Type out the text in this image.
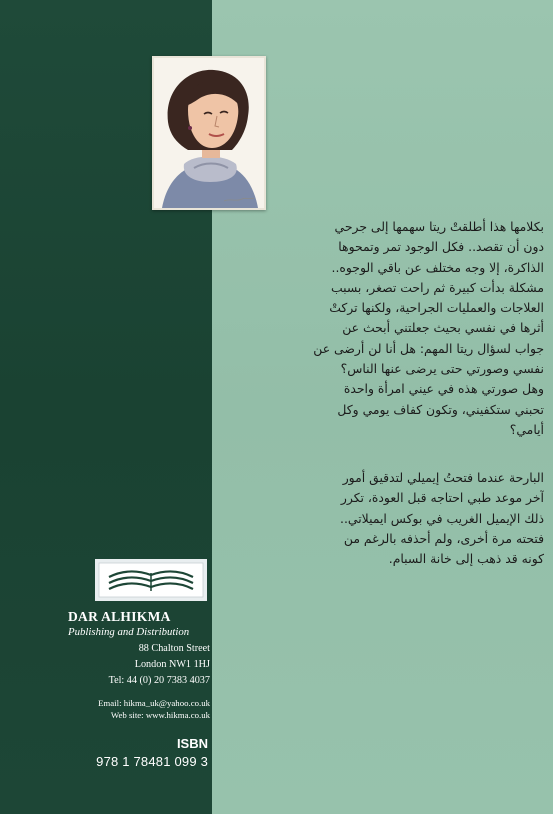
بكلامها هذا أطلقتْ ريتا سهمها إلى جرحي
دون أن تقصد.. فكل الوجود تمر وتمحوها
الذاكرة، إلا وجه مختلف عن باقي الوجوه..
مشكلة بدأت كبيرة ثم راحت تصغر، بسبب
العلاجات والعمليات الجراحية، ولكنها تركتْ
أثرها في نفسي بحيث جعلتني أبحث عن
جواب لسؤال ريتا المهم: هل أنا لن أرضى عن
نفسي وصورتي حتى يرضى عنها الناس؟
وهل صورتي هذه في عيني امرأة واحدة
تحبني ستكفيني، وتكون كفاف يومي وكل
أيامي؟
البارحة عندما فتحتُ إيميلي لتدقيق أمور
آخر موعد طبي احتاجه قبل العودة، تكرر
ذلك الإيميل الغريب في بوكس ايميلاتي..
فتحته مرة أخرى، ولم أحذفه بالرغم من
كونه قد ذهب إلى خانة السبام.

DAR ALHIKMA

Publishing and Distribution

88 Chalton Street

London NW1 1HJ

Tel: 44 (0) 20 7383 4037

Email: hikma_uk@yahoo.co.uk

Web site: www.hikma.co.uk

ISBN

978 1 78481 099 3
